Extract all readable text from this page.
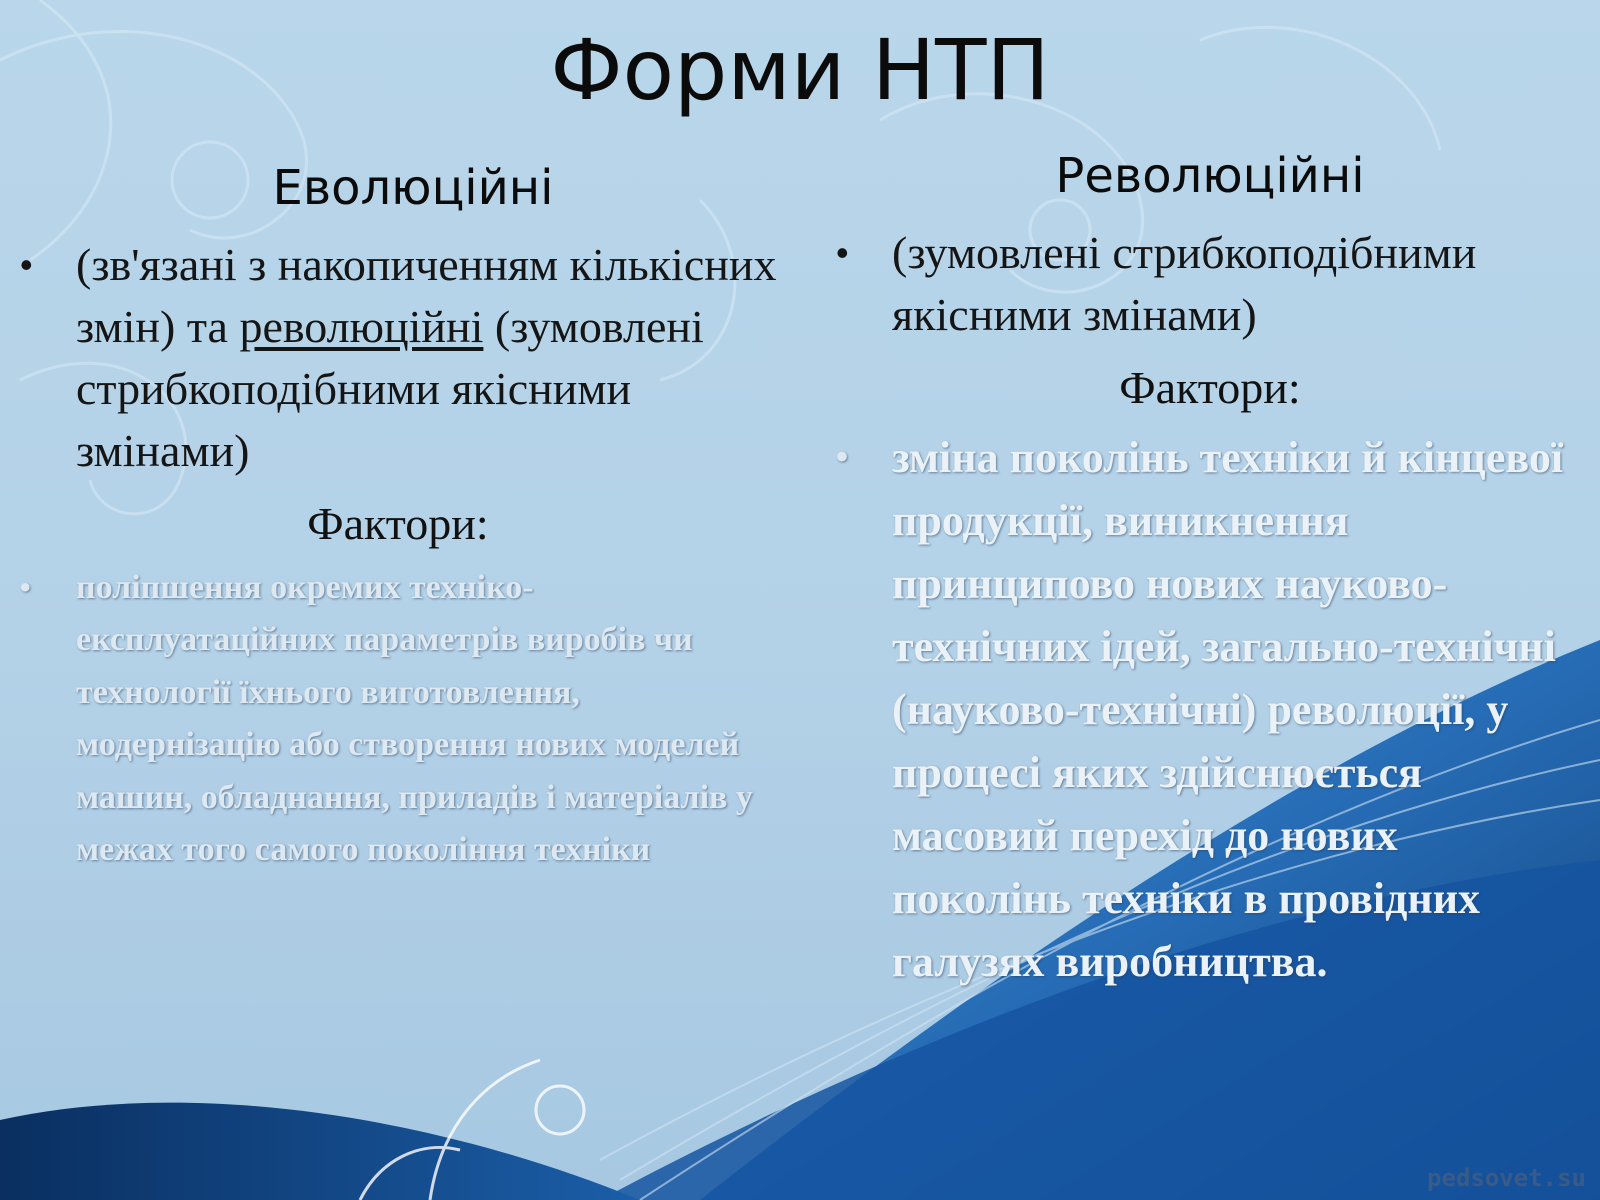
Форми НТП
Еволюційні
• (зв'язані з накопиченням кількісних змін) та революційні (зумовлені стрибкоподібними якісними змінами)
Фактори:
• поліпшення окремих техніко-експлуатаційних параметрів виробів чи технології їхнього виготовлення, модернізацію або створення нових моделей машин, обладнання, приладів і матеріалів у межах того самого покоління техніки
Революційні
• (зумовлені стрибкоподібними якісними змінами)
Фактори:
• зміна поколінь техніки й кінцевої продукції, виникнення принципово нових науково-технічних ідей, загально-технічні (науково-технічні) революції, у процесі яких здійснюється масовий перехід до нових поколінь техніки в провідних галузях виробництва.
pedsovet.su
